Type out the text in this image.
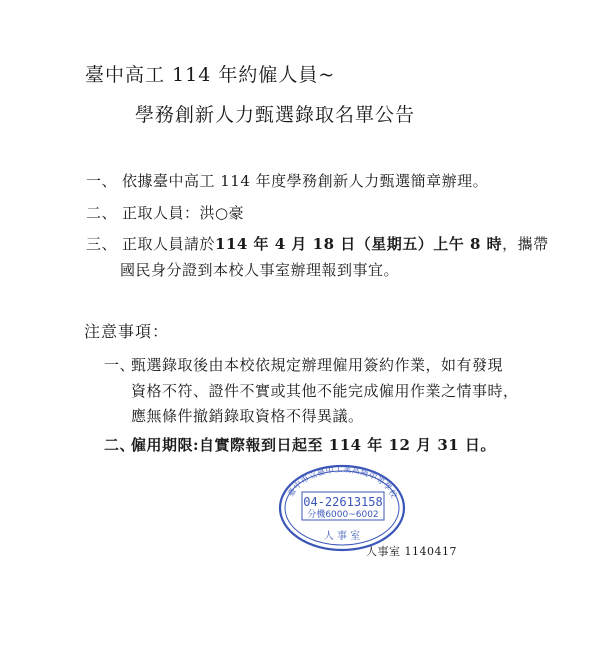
臺中高工 114 年約僱人員~
學務創新人力甄選錄取名單公告
一、 依據臺中高工 114 年度學務創新人力甄選簡章辦理。
二、 正取人員：洪○豪
三、 正取人員請於114 年 4 月 18 日（星期五）上午 8 時，攜帶
國民身分證到本校人事室辦理報到事宜。
注意事項：
一、甄選錄取後由本校依規定辦理僱用簽約作業，如有發現
資格不符、證件不實或其他不能完成僱用作業之情事時，
應無條件撤銷錄取資格不得異議。
二、僱用期限:自實際報到日起至 114 年 12 月 31 日。
臺中市立臺中工業高級中等學校
04-22613158
分機6000~6002
人 事 室
人事室 1140417
